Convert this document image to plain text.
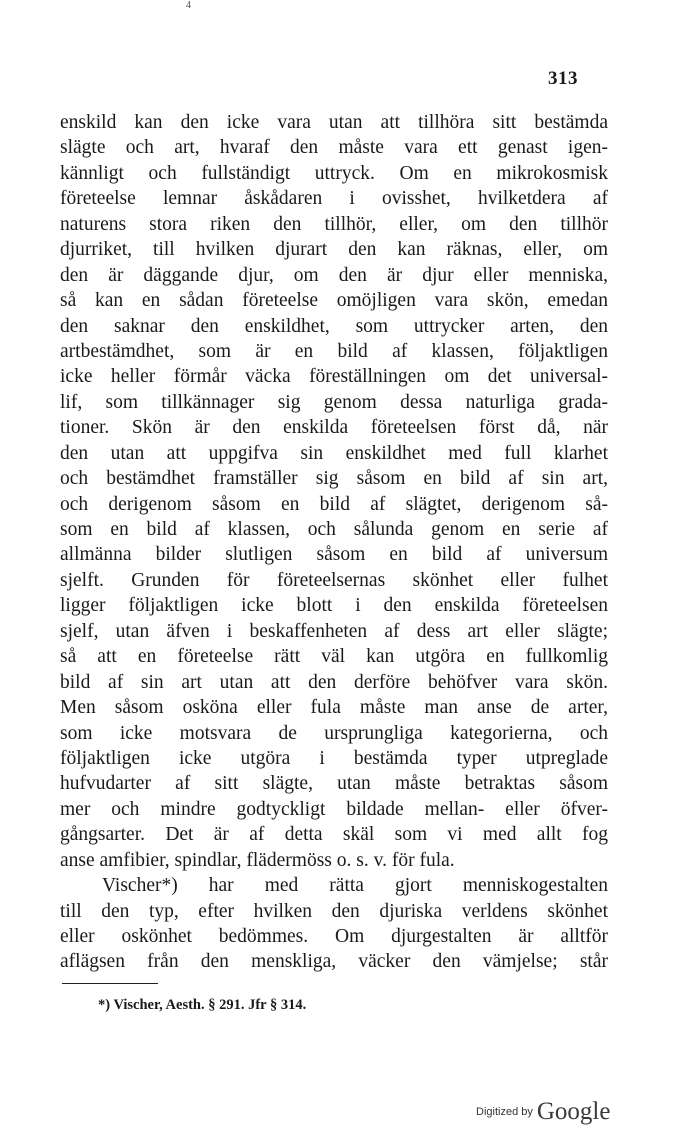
4
313
enskild kan den icke vara utan att tillhöra sitt bestämda
slägte och art, hvaraf den måste vara ett genast igen-
kännligt och fullständigt uttryck. Om en mikrokosmisk
företeelse lemnar åskådaren i ovisshet, hvilketdera af
naturens stora riken den tillhör, eller, om den tillhör
djurriket, till hvilken djurart den kan räknas, eller, om
den är däggande djur, om den är djur eller menniska,
så kan en sådan företeelse omöjligen vara skön, emedan
den saknar den enskildhet, som uttrycker arten, den
artbestämdhet, som är en bild af klassen, följaktligen
icke heller förmår väcka föreställningen om det universal-
lif, som tillkännager sig genom dessa naturliga grada-
tioner. Skön är den enskilda företeelsen först då, när
den utan att uppgifva sin enskildhet med full klarhet
och bestämdhet framställer sig såsom en bild af sin art,
och derigenom såsom en bild af slägtet, derigenom så-
som en bild af klassen, och sålunda genom en serie af
allmänna bilder slutligen såsom en bild af universum
sjelft. Grunden för företeelsernas skönhet eller fulhet
ligger följaktligen icke blott i den enskilda företeelsen
sjelf, utan äfven i beskaffenheten af dess art eller slägte;
så att en företeelse rätt väl kan utgöra en fullkomlig
bild af sin art utan att den derföre behöfver vara skön.
Men såsom osköna eller fula måste man anse de arter,
som icke motsvara de ursprungliga kategorierna, och
följaktligen icke utgöra i bestämda typer utpreglade
hufvudarter af sitt slägte, utan måste betraktas såsom
mer och mindre godtyckligt bildade mellan- eller öfver-
gångsarter. Det är af detta skäl som vi med allt fog
anse amfibier, spindlar, flädermöss o. s. v. för fula.
Vischer*) har med rätta gjort menniskogestalten
till den typ, efter hvilken den djuriska verldens skönhet
eller oskönhet bedömmes. Om djurgestalten är alltför
aflägsen från den menskliga, väcker den vämjelse; står
*) Vischer, Aesth. § 291. Jfr § 314.
Digitized by Google
